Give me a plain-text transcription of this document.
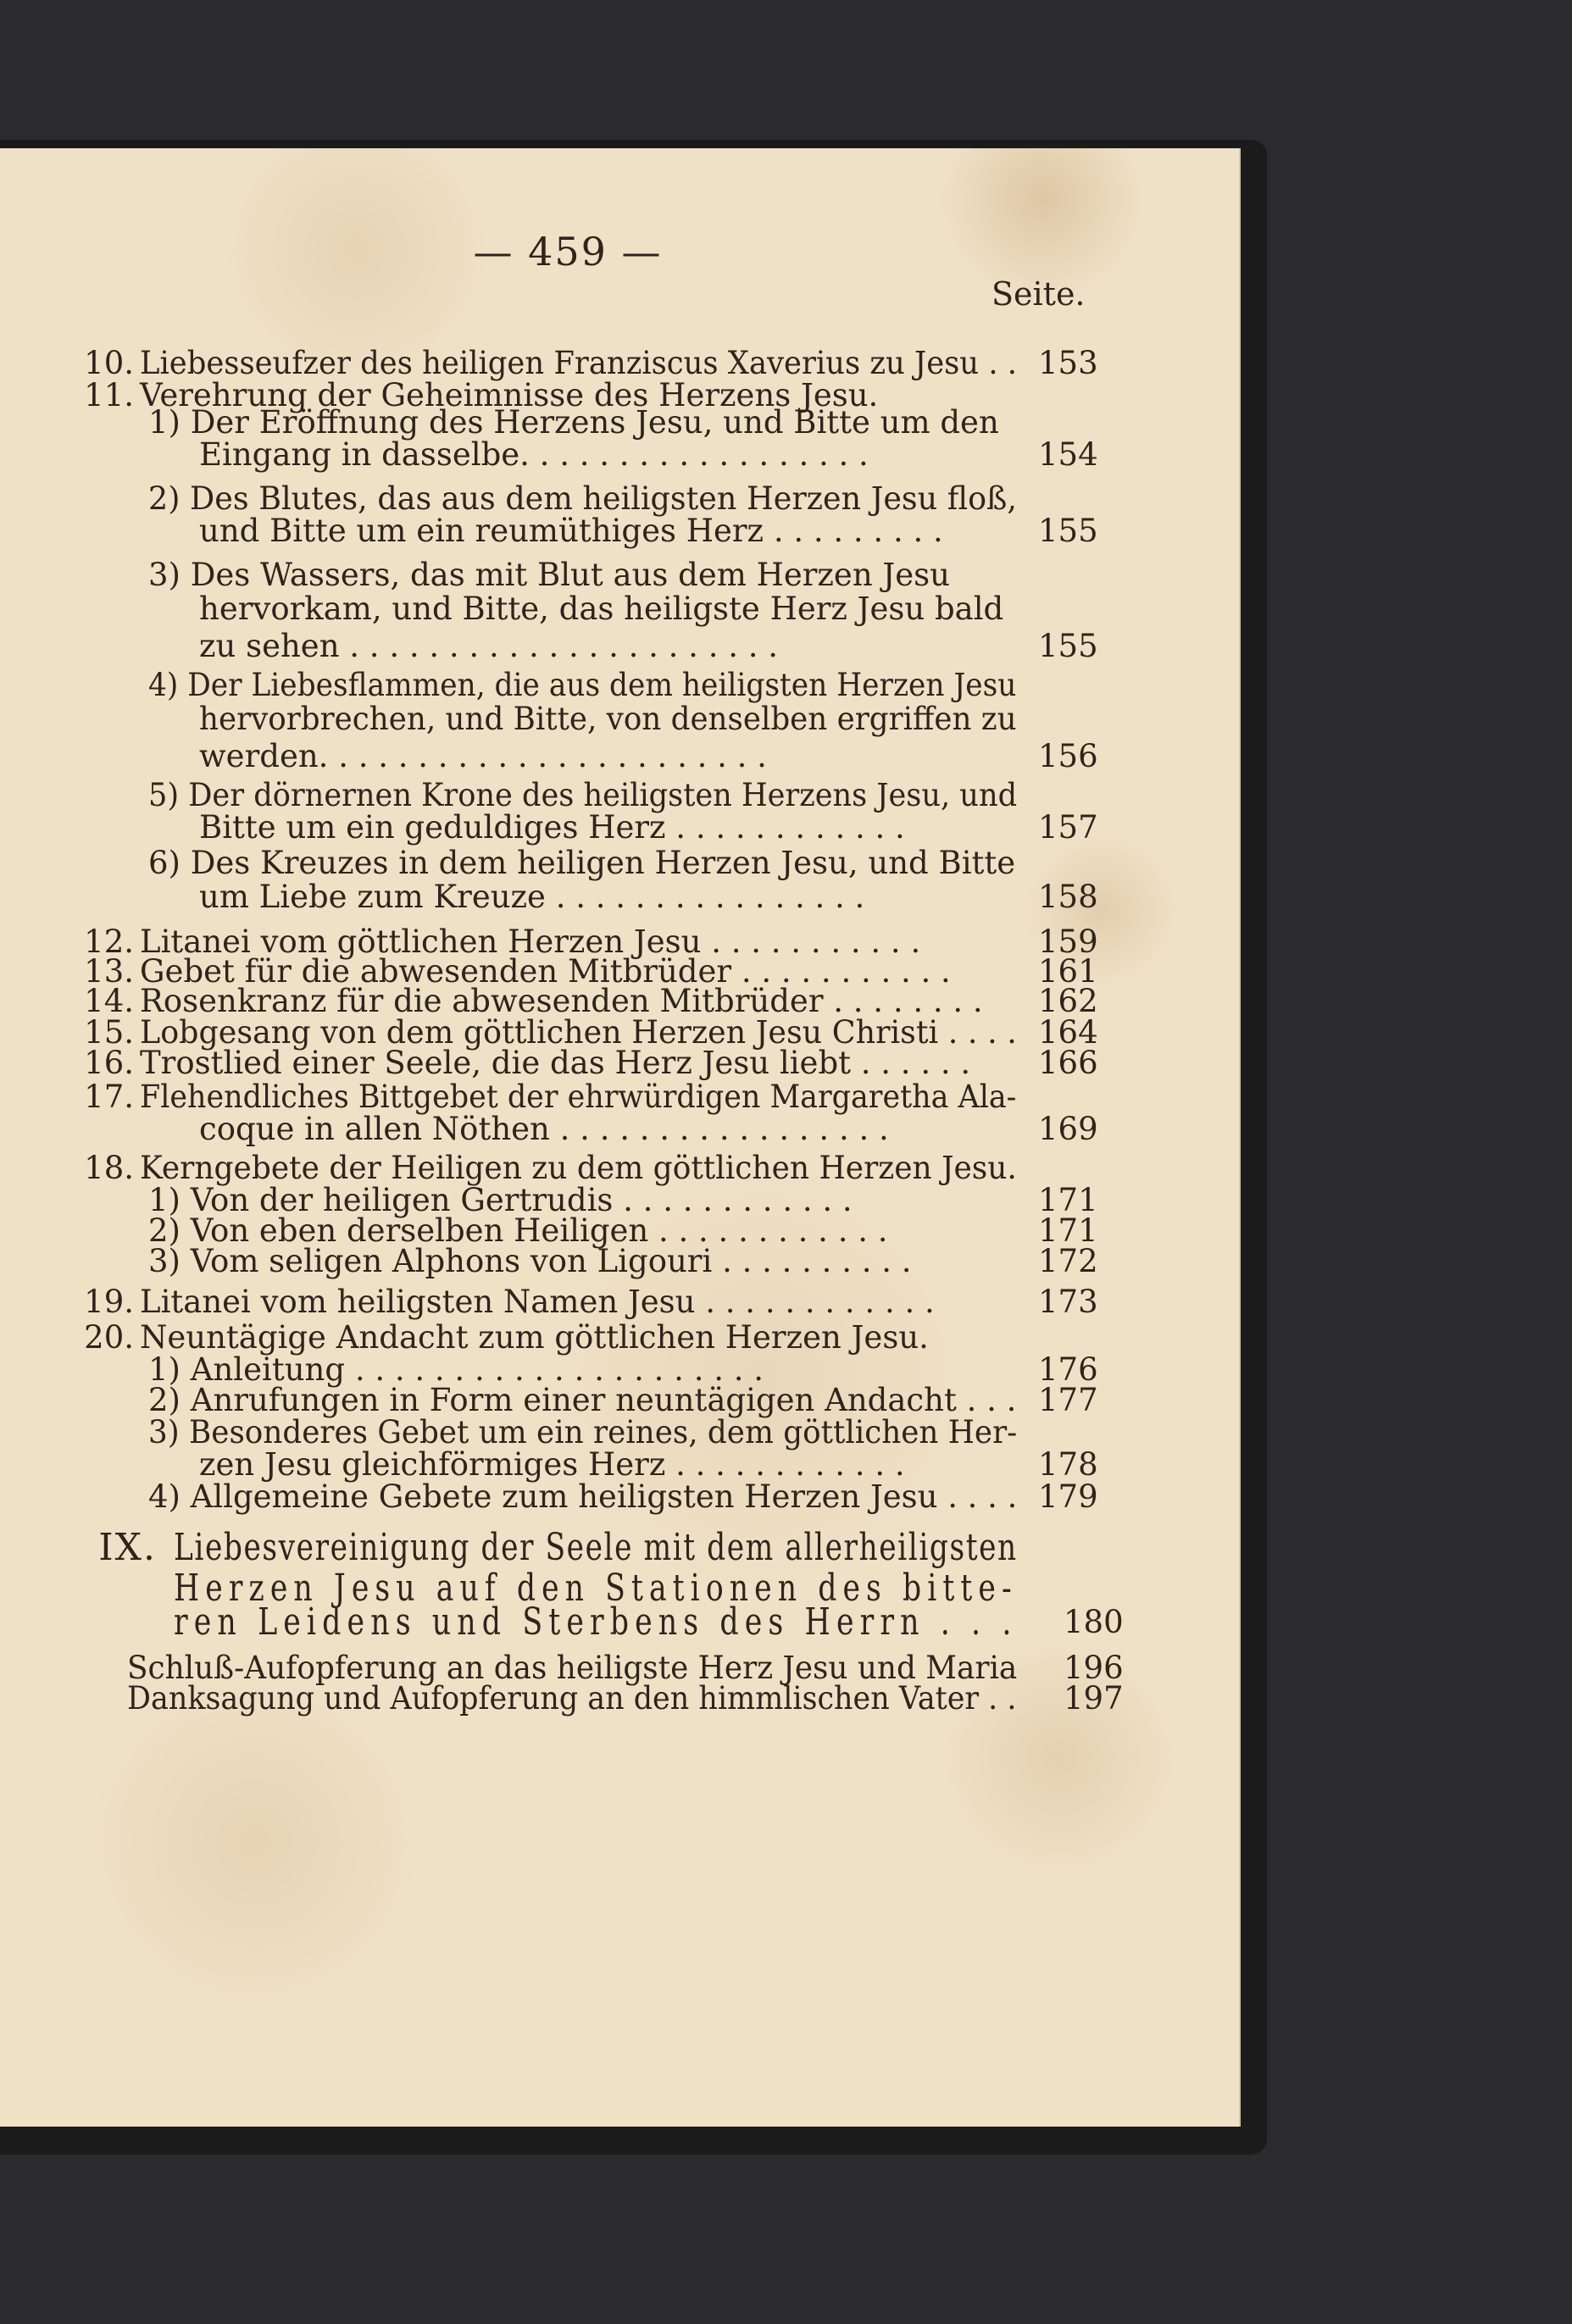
— 459 —
Seite.
10. Liebesseufzer des heiligen Franziscus Xaverius zu Jesu . . 153
11. Verehrung der Geheimnisse des Herzens Jesu.
1) Der Eröffnung des Herzens Jesu, und Bitte um den
Eingang in dasselbe. . . . . . . . . . . . . . . . . .	154
2) Des Blutes, das aus dem heiligsten Herzen Jesu floß,
und Bitte um ein reumüthiges Herz . . . . . . . . .	155
3) Des Wassers, das mit Blut aus dem Herzen Jesu
hervorkam, und Bitte, das heiligste Herz Jesu bald
zu sehen . . . . . . . . . . . . . . . . . . . . . .	155
4) Der Liebesflammen, die aus dem heiligsten Herzen Jesu
hervorbrechen, und Bitte, von denselben ergriffen zu
werden. . . . . . . . . . . . . . . . . . . . . . .	156
5) Der dörnernen Krone des heiligsten Herzens Jesu, und
Bitte um ein geduldiges Herz . . . . . . . . . . . .	157
6) Des Kreuzes in dem heiligen Herzen Jesu, und Bitte
um Liebe zum Kreuze . . . . . . . . . . . . . . . .	158
12. Litanei vom göttlichen Herzen Jesu . . . . . . . . . . .	159
13. Gebet für die abwesenden Mitbrüder . . . . . . . . . . .	161
14. Rosenkranz für die abwesenden Mitbrüder . . . . . . . . 162
15. Lobgesang von dem göttlichen Herzen Jesu Christi . . . . 164
16. Trostlied einer Seele, die das Herz Jesu liebt . . . . . . 166
17. Flehendliches Bittgebet der ehrwürdigen Margaretha Ala-
coque in allen Nöthen . . . . . . . . . . . . . . . . .	169
18. Kerngebete der Heiligen zu dem göttlichen Herzen Jesu.
1) Von der heiligen Gertrudis . . . . . . . . . . . .	171
2) Von eben derselben Heiligen . . . . . . . . . . . .	171
3) Vom seligen Alphons von Ligouri . . . . . . . . . .	172
19. Litanei vom heiligsten Namen Jesu . . . . . . . . . . . .	173
20. Neuntägige Andacht zum göttlichen Herzen Jesu.
1) Anleitung . . . . . . . . . . . . . . . . . . . . .	176
2) Anrufungen in Form einer neuntägigen Andacht . . . 177
3) Besonderes Gebet um ein reines, dem göttlichen Her-
zen Jesu gleichförmiges Herz . . . . . . . . . . . .	178
4) Allgemeine Gebete zum heiligsten Herzen Jesu . . . . 179
IX. Liebesvereinigung der Seele mit dem allerheiligsten
Herzen Jesu auf den Stationen des bitte-
ren Leidens und Sterbens des Herrn . . . 180
Schluß-Aufopferung an das heiligste Herz Jesu und Maria 196
Danksagung und Aufopferung an den himmlischen Vater . . 197
